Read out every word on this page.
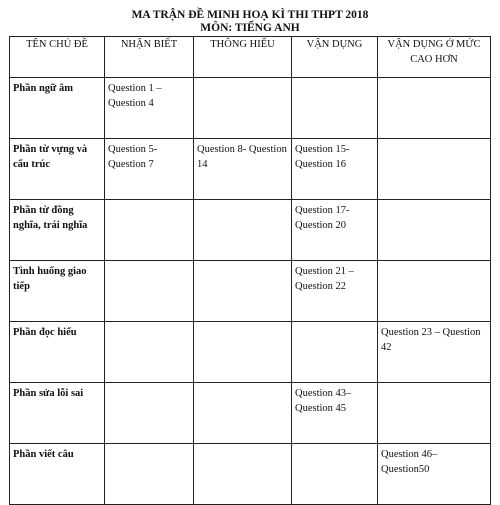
MA TRẬN ĐỀ MINH HOẠ KÌ THI THPT 2018
MÔN: TIẾNG ANH
TÊN CHỦ ĐỀ	NHẬN BIẾT	THÔNG HIỂU	VẬN DỤNG	VẬN DỤNG Ở MỨC CAO HƠN
Phần ngữ âm	Question 1 – Question 4			
Phần từ vựng và cấu trúc	Question 5- Question 7	Question 8- Question 14	Question 15- Question 16	
Phần từ đồng nghĩa, trái nghĩa			Question 17- Question 20	
Tình huống giao tiếp			Question 21 – Question 22	
Phần đọc hiểu				Question 23 – Question 42
Phần sửa lỗi sai			Question 43– Question 45	
Phần viết câu				Question 46– Question50
